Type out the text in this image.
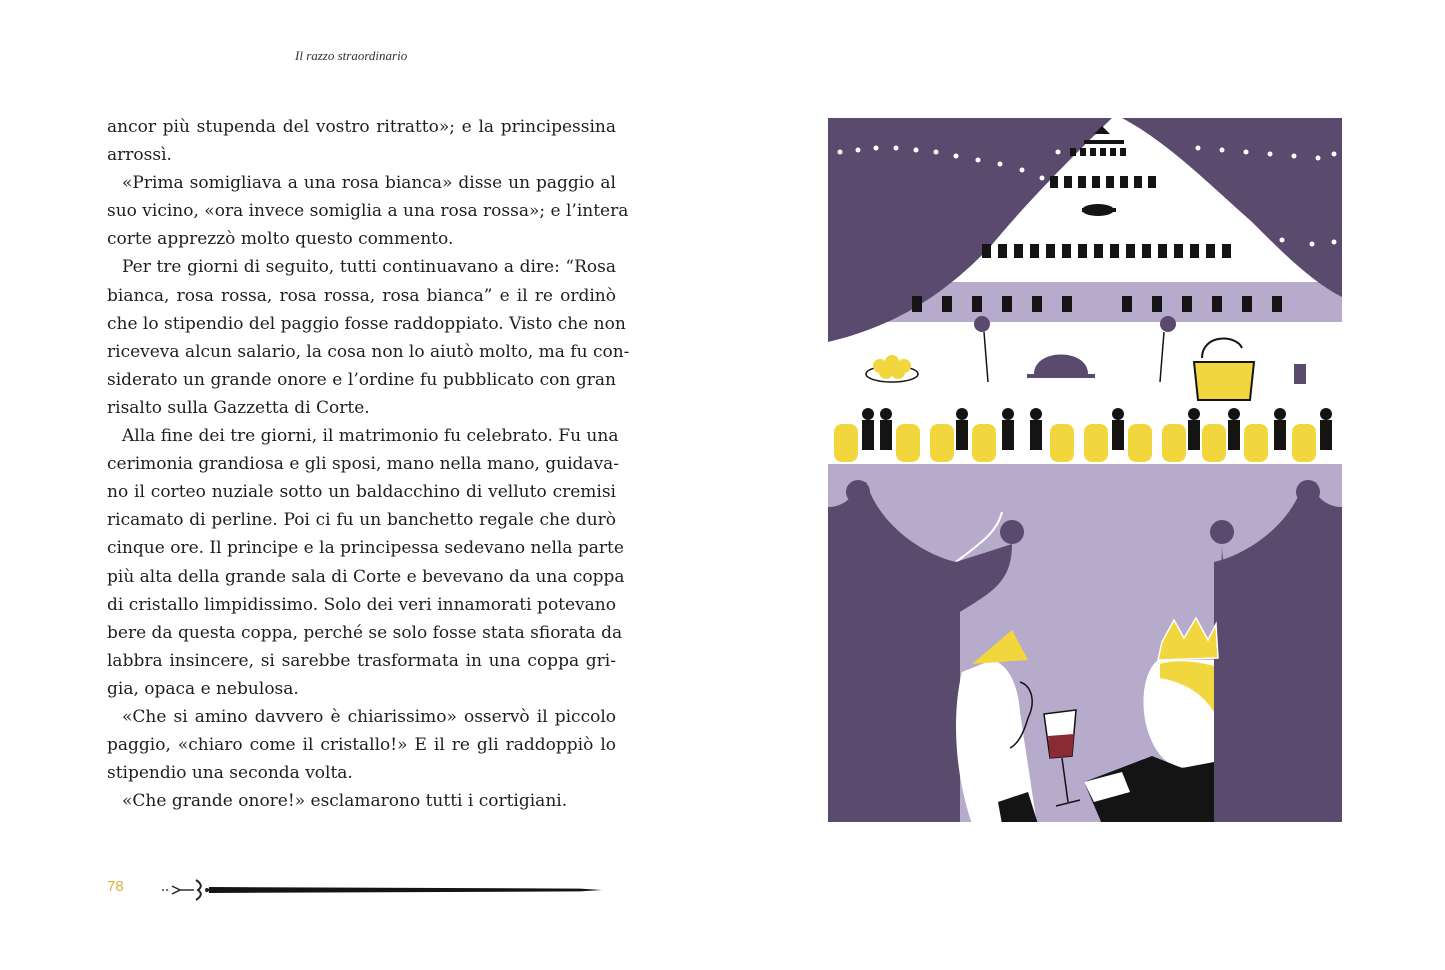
Il razzo straordinario
ancor più stupenda del vostro ritratto»; e la principessina
arrossì.
«Prima somigliava a una rosa bianca» disse un paggio al
suo vicino, «ora invece somiglia a una rosa rossa»; e l’intera
corte apprezzò molto questo commento.
Per tre giorni di seguito, tutti continuavano a dire: “Rosa
bianca, rosa rossa, rosa rossa, rosa bianca” e il re ordinò
che lo stipendio del paggio fosse raddoppiato. Visto che non
riceveva alcun salario, la cosa non lo aiutò molto, ma fu con-
siderato un grande onore e l’ordine fu pubblicato con gran
risalto sulla Gazzetta di Corte.
Alla fine dei tre giorni, il matrimonio fu celebrato. Fu una
cerimonia grandiosa e gli sposi, mano nella mano, guidava-
no il corteo nuziale sotto un baldacchino di velluto cremisi
ricamato di perline. Poi ci fu un banchetto regale che durò
cinque ore. Il principe e la principessa sedevano nella parte
più alta della grande sala di Corte e bevevano da una coppa
di cristallo limpidissimo. Solo dei veri innamorati potevano
bere da questa coppa, perché se solo fosse stata sfiorata da
labbra insincere, si sarebbe trasformata in una coppa gri-
gia, opaca e nebulosa.
«Che si amino davvero è chiarissimo» osservò il piccolo
paggio, «chiaro come il cristallo!» E il re gli raddoppiò lo
stipendio una seconda volta.
«Che grande onore!» esclamarono tutti i cortigiani.
78
